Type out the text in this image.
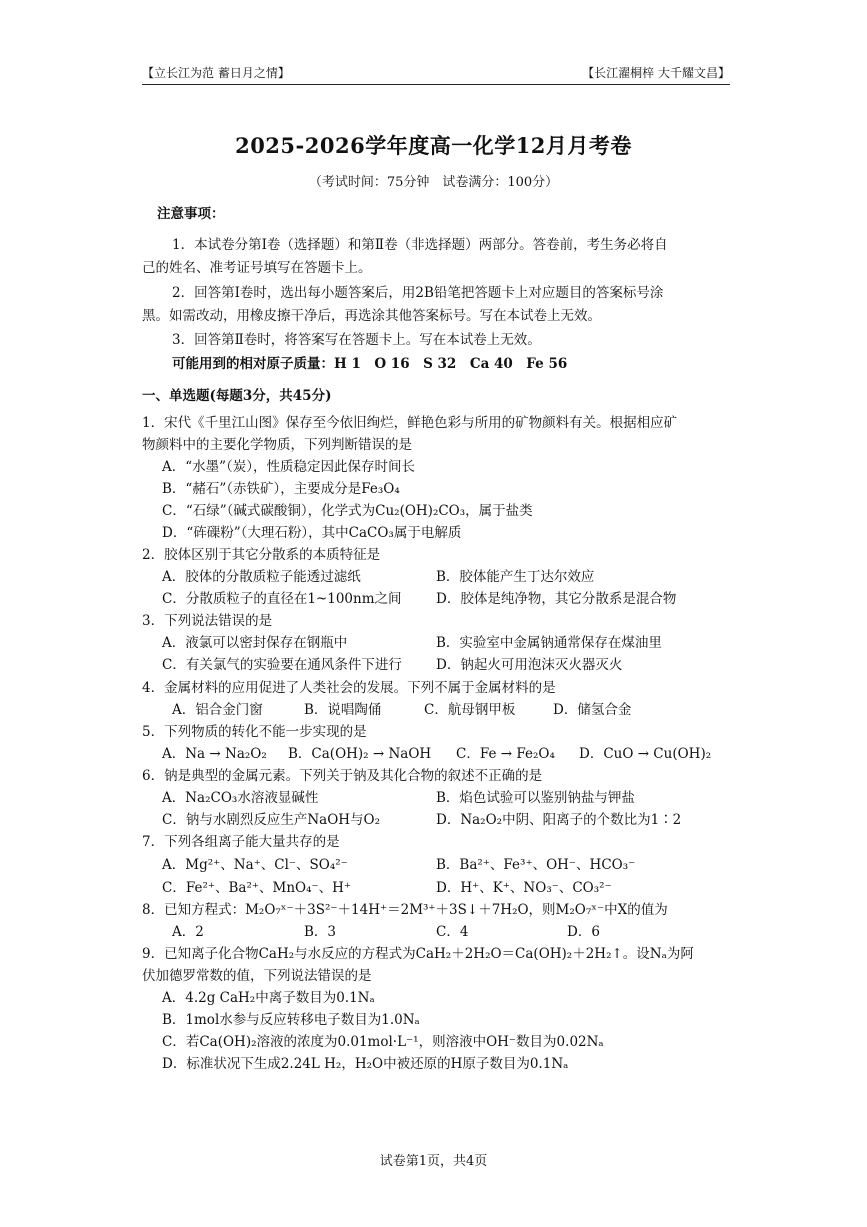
【立长江为范 蓄日月之情】	【长江濯桐梓 大千耀文昌】
2025-2026学年度高一化学12月月考卷
（考试时间：75分钟　试卷满分：100分）
注意事项：
1．本试卷分第Ⅰ卷（选择题）和第Ⅱ卷（非选择题）两部分。答卷前，考生务必将自
己的姓名、准考证号填写在答题卡上。
2．回答第Ⅰ卷时，选出每小题答案后，用2B铅笔把答题卡上对应题目的答案标号涂
黑。如需改动，用橡皮擦干净后，再选涂其他答案标号。写在本试卷上无效。
3．回答第Ⅱ卷时，将答案写在答题卡上。写在本试卷上无效。
可能用到的相对原子质量：H 1　O 16　S 32　Ca 40　Fe 56
一、单选题(每题3分，共45分)
1．宋代《千里江山图》保存至今依旧绚烂，鲜艳色彩与所用的矿物颜料有关。根据相应矿
物颜料中的主要化学物质，下列判断错误的是
A．“水墨”（炭），性质稳定因此保存时间长
B．“赭石”（赤铁矿），主要成分是Fe₃O₄
C．“石绿”（碱式碳酸铜），化学式为Cu₂(OH)₂CO₃，属于盐类
D．“砗磲粉”（大理石粉），其中CaCO₃属于电解质
2．胶体区别于其它分散系的本质特征是
A．胶体的分散质粒子能透过滤纸	B．胶体能产生丁达尔效应
C．分散质粒子的直径在1~100nm之间	D．胶体是纯净物，其它分散系是混合物
3．下列说法错误的是
A．液氯可以密封保存在钢瓶中	B．实验室中金属钠通常保存在煤油里
C．有关氯气的实验要在通风条件下进行	D．钠起火可用泡沫灭火器灭火
4．金属材料的应用促进了人类社会的发展。下列不属于金属材料的是
A．铝合金门窗	B．说唱陶俑	C．航母钢甲板	D．储氢合金
5．下列物质的转化不能一步实现的是
A．Na → Na₂O₂ B．Ca(OH)₂ → NaOH C．Fe → Fe₂O₄ D．CuO → Cu(OH)₂
6．钠是典型的金属元素。下列关于钠及其化合物的叙述不正确的是
A．Na₂CO₃水溶液显碱性	B．焰色试验可以鉴别钠盐与钾盐
C．钠与水剧烈反应生产NaOH与O₂	D．Na₂O₂中阴、阳离子的个数比为1∶2
7．下列各组离子能大量共存的是
A．Mg²⁺、Na⁺、Cl⁻、SO₄²⁻	B．Ba²⁺、Fe³⁺、OH⁻、HCO₃⁻
C．Fe²⁺、Ba²⁺、MnO₄⁻、H⁺	D．H⁺、K⁺、NO₃⁻、CO₃²⁻
8．已知方程式：M₂O₇ˣ⁻＋3S²⁻＋14H⁺＝2M³⁺＋3S↓＋7H₂O，则M₂O₇ˣ⁻中X的值为
A．2	B．3	C．4	D．6
9．已知离子化合物CaH₂与水反应的方程式为CaH₂＋2H₂O＝Ca(OH)₂＋2H₂↑。设Nₐ为阿
伏加德罗常数的值，下列说法错误的是
A．4.2g CaH₂中离子数目为0.1Nₐ
B．1mol水参与反应转移电子数目为1.0Nₐ
C．若Ca(OH)₂溶液的浓度为0.01mol·L⁻¹，则溶液中OH⁻数目为0.02Nₐ
D．标准状况下生成2.24L H₂，H₂O中被还原的H原子数目为0.1Nₐ
试卷第1页，共4页
